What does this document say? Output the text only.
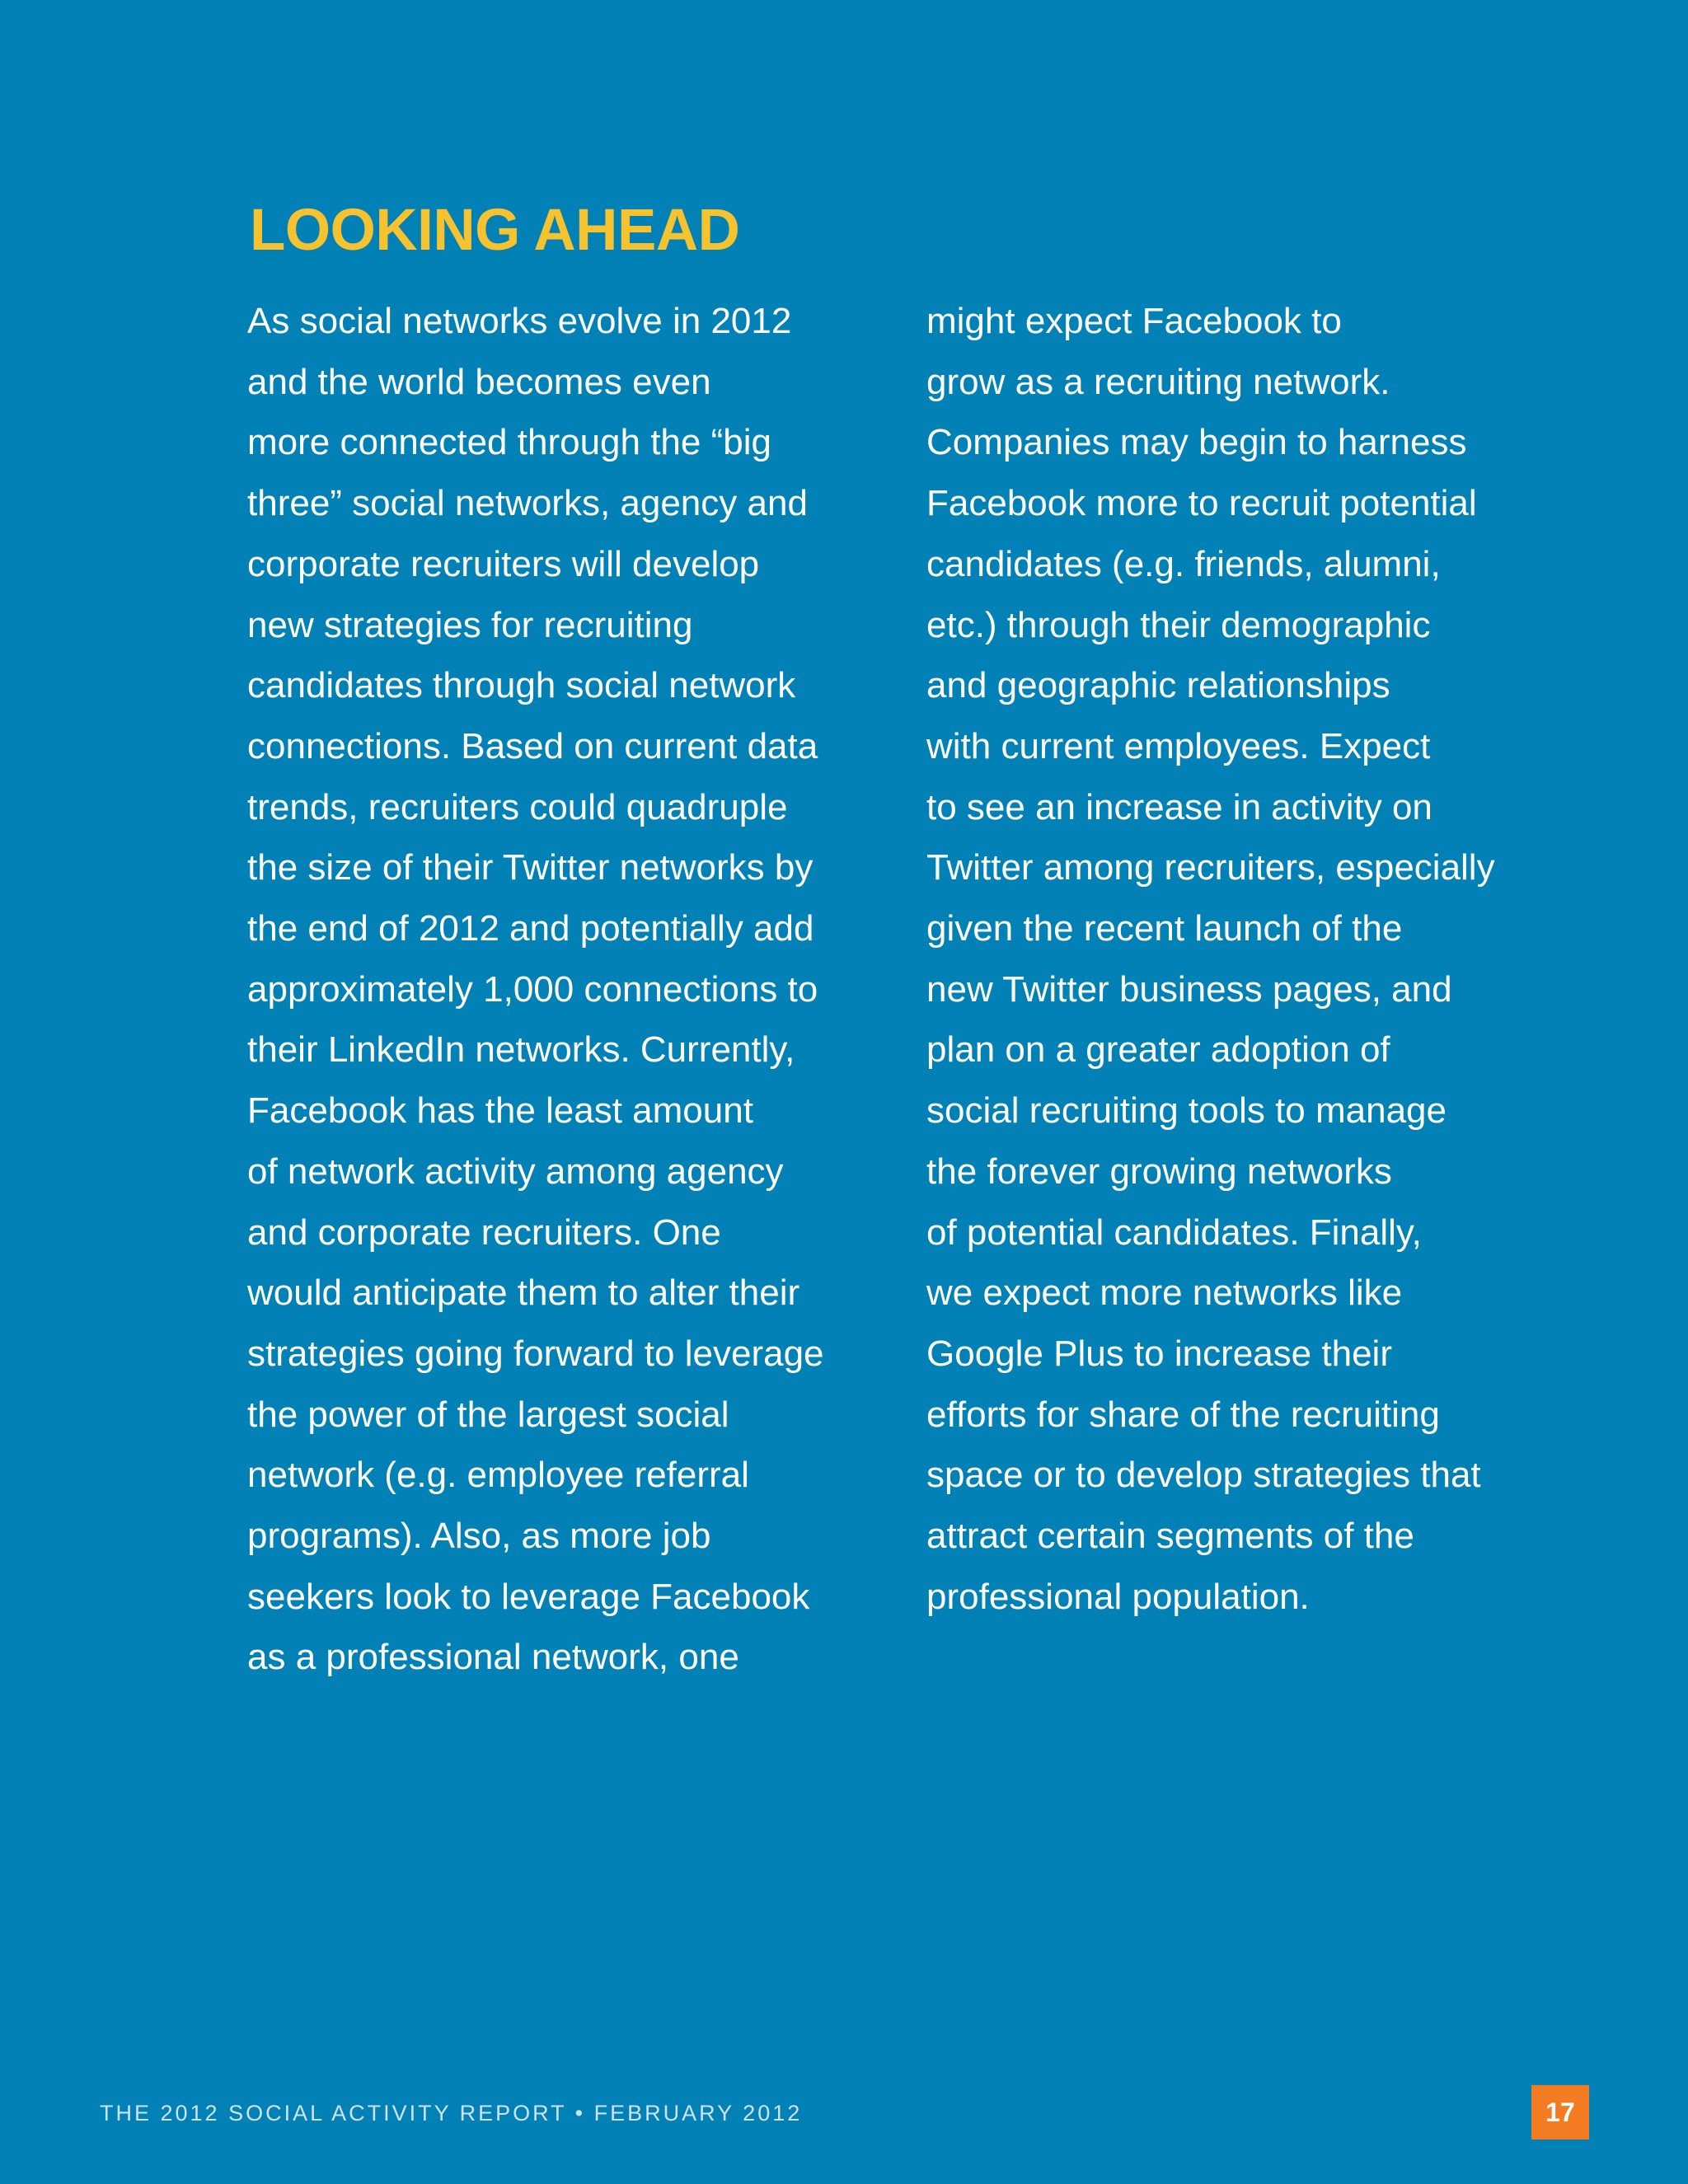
LOOKING AHEAD
As social networks evolve in 2012
and the world becomes even
more connected through the “big
three” social networks, agency and
corporate recruiters will develop
new strategies for recruiting
candidates through social network
connections. Based on current data
trends, recruiters could quadruple
the size of their Twitter networks by
the end of 2012 and potentially add
approximately 1,000 connections to
their LinkedIn networks. Currently,
Facebook has the least amount
of network activity among agency
and corporate recruiters. One
would anticipate them to alter their
strategies going forward to leverage
the power of the largest social
network (e.g. employee referral
programs). Also, as more job
seekers look to leverage Facebook
as a professional network, one
might expect Facebook to
grow as a recruiting network.
Companies may begin to harness
Facebook more to recruit potential
candidates (e.g. friends, alumni,
etc.) through their demographic
and geographic relationships
with current employees. Expect
to see an increase in activity on
Twitter among recruiters, especially
given the recent launch of the
new Twitter business pages, and
plan on a greater adoption of
social recruiting tools to manage
the forever growing networks
of potential candidates. Finally,
we expect more networks like
Google Plus to increase their
efforts for share of the recruiting
space or to develop strategies that
attract certain segments of the
professional population.
THE 2012 SOCIAL ACTIVITY REPORT • FEBRUARY 2012	17
